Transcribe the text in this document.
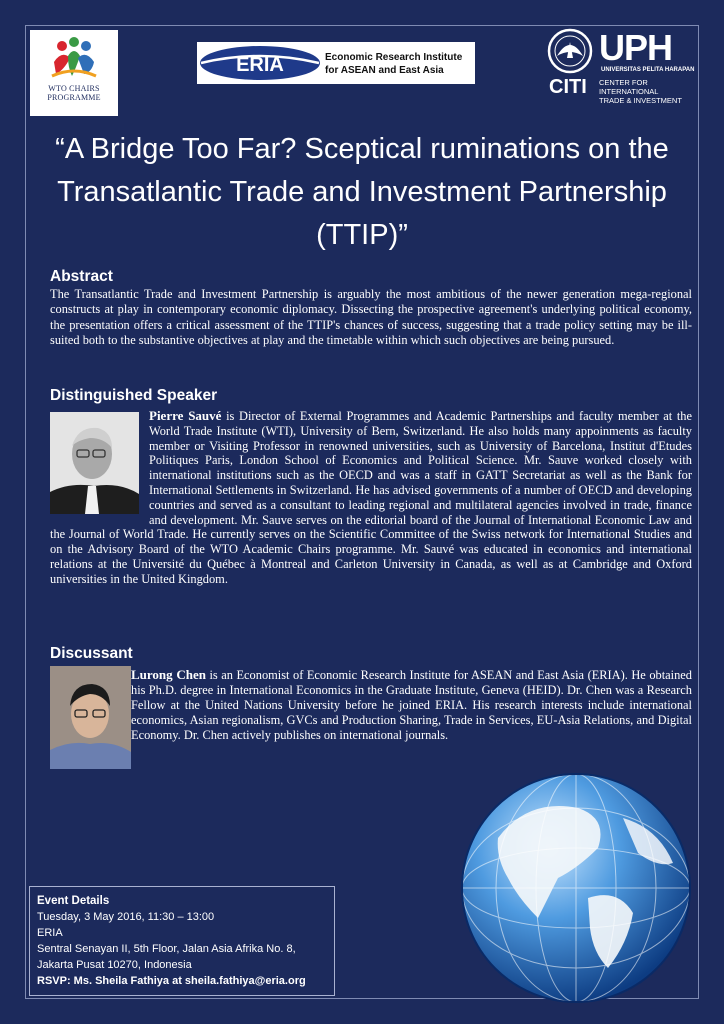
WTO CHAIRS
PROGRAMME
ERIA	Economic Research Institute
for ASEAN and East Asia
UPH
UNIVERSITAS PELITA HARAPAN
CITI CENTER FOR INTERNATIONAL
TRADE & INVESTMENT
“A Bridge Too Far? Sceptical ruminations on the Transatlantic Trade and Investment Partnership (TTIP)”
Abstract

The Transatlantic Trade and Investment Partnership is arguably the most ambitious of the newer generation mega-regional constructs at play in contemporary economic diplomacy. Dissecting the prospective agreement's underlying political economy, the presentation offers a critical assessment of the TTIP's chances of success, suggesting that a trade policy setting may be ill-suited both to the substantive objectives at play and the timetable within which such objectives are being pursued.

Distinguished Speaker

Pierre Sauvé is Director of External Programmes and Academic Partnerships and faculty member at the World Trade Institute (WTI), University of Bern, Switzerland. He also holds many appoinments as faculty member or Visiting Professor in renowned universities, such as University of Barcelona, Institut d'Etudes Politiques Paris, London School of Economics and Political Science. Mr. Sauve worked closely with international institutions such as the OECD and was a staff in GATT Secretariat as well as the Bank for International Settlements in Switzerland. He has advised governments of a number of OECD and developing countries and served as a consultant to leading regional and multilateral agencies involved in trade, finance and development. Mr. Sauve serves on the editorial board of the Journal of International Economic Law and the Journal of World Trade. He currently serves on the Scientific Committee of the Swiss network for International Studies and on the Advisory Board of the WTO Academic Chairs programme. Mr. Sauvé was educated in economics and international relations at the Université du Québec à Montreal and Carleton University in Canada, as well as at Cambridge and Oxford universities in the United Kingdom.

Discussant

Lurong Chen is an Economist of Economic Research Institute for ASEAN and East Asia (ERIA). He obtained his Ph.D. degree in International Economics in the Graduate Institute, Geneva (HEID). Dr. Chen was a Research Fellow at the United Nations University before he joined ERIA. His research interests include international economics, Asian regionalism, GVCs and Production Sharing, Trade in Services, EU-Asia Relations, and Digital Economy. Dr. Chen actively publishes on international journals.

Event Details
Tuesday, 3 May 2016, 11:30 – 13:00
ERIA
Sentral Senayan II, 5th Floor, Jalan Asia Afrika No. 8,
Jakarta Pusat 10270, Indonesia
RSVP: Ms. Sheila Fathiya at sheila.fathiya@eria.org
